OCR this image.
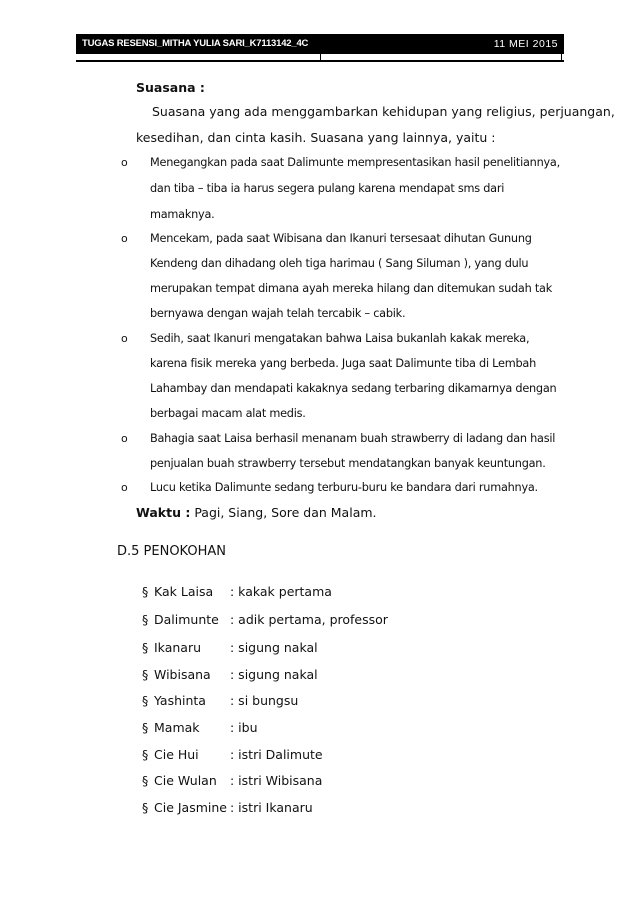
TUGAS RESENSI_MITHA YULIA SARI_K7113142_4C	11 MEI 2015
Suasana :
Suasana yang ada menggambarkan kehidupan yang religius, perjuangan,
kesedihan, dan cinta kasih. Suasana yang lainnya, yaitu :
o Menegangkan pada saat Dalimunte mempresentasikan hasil penelitiannya,
dan tiba – tiba ia harus segera pulang karena mendapat sms dari
mamaknya.
o Mencekam, pada saat Wibisana dan Ikanuri tersesaat dihutan Gunung
Kendeng dan dihadang oleh tiga harimau ( Sang Siluman ), yang dulu
merupakan tempat dimana ayah mereka hilang dan ditemukan sudah tak
bernyawa dengan wajah telah tercabik – cabik.
o Sedih, saat Ikanuri mengatakan bahwa Laisa bukanlah kakak mereka,
karena fisik mereka yang berbeda. Juga saat Dalimunte tiba di Lembah
Lahambay dan mendapati kakaknya sedang terbaring dikamarnya dengan
berbagai macam alat medis.
o Bahagia saat Laisa berhasil menanam buah strawberry di ladang dan hasil
penjualan buah strawberry tersebut mendatangkan banyak keuntungan.
o Lucu ketika Dalimunte sedang terburu-buru ke bandara dari rumahnya.
Waktu : Pagi, Siang, Sore dan Malam.
D.5 PENOKOHAN
§ Kak Laisa : kakak pertama
§ Dalimunte : adik pertama, professor
§ Ikanaru : sigung nakal
§ Wibisana : sigung nakal
§ Yashinta : si bungsu
§ Mamak : ibu
§ Cie Hui	: istri Dalimute
§ Cie Wulan : istri Wibisana
§ Cie Jasmine : istri Ikanaru
